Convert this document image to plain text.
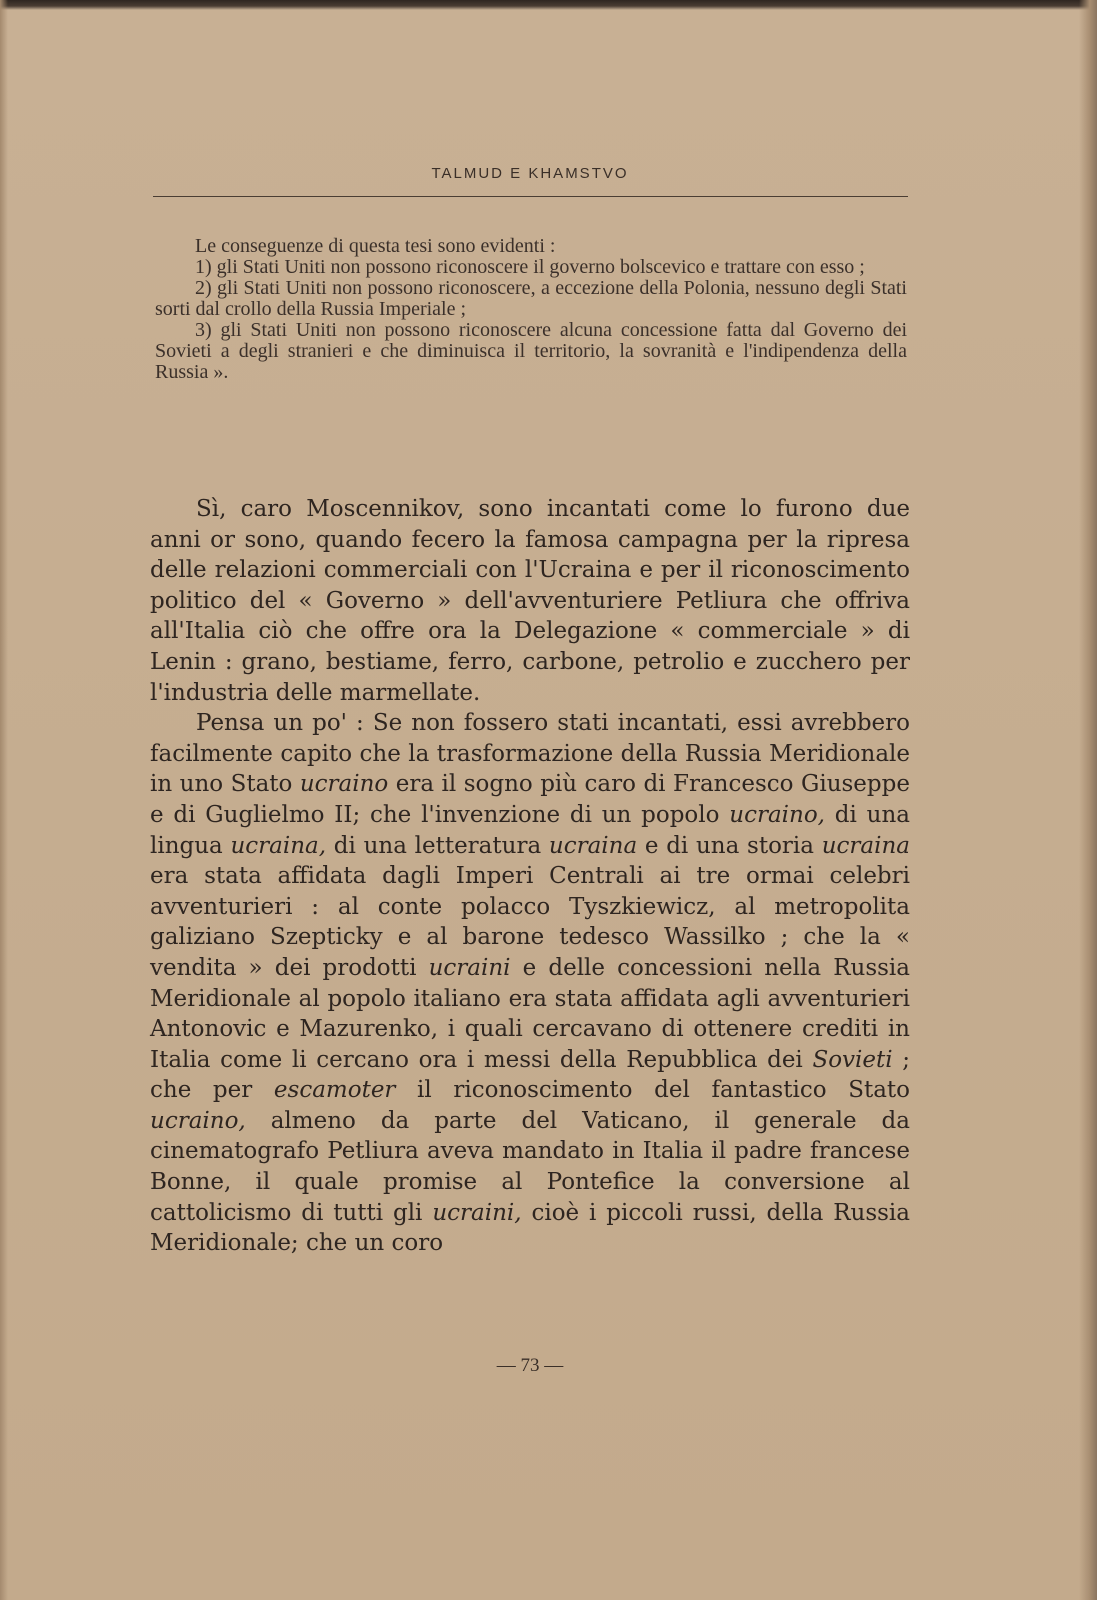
TALMUD E KHAMSTVO

Le conseguenze di questa tesi sono evidenti :

1) gli Stati Uniti non possono riconoscere il governo bolscevico e trattare con esso ;

2) gli Stati Uniti non possono riconoscere, a eccezione della Polonia, nessuno degli Stati sorti dal crollo della Russia Imperiale ;

3) gli Stati Uniti non possono riconoscere alcuna concessione fatta dal Governo dei Sovieti a degli stranieri e che diminuisca il territorio, la sovranità e l'indipendenza della Russia ».

Sì, caro Moscennikov, sono incantati come lo furono due anni or sono, quando fecero la famosa campagna per la ripresa delle relazioni commerciali con l'Ucraina e per il riconoscimento politico del « Governo » dell'avventuriere Petliura che offriva all'Italia ciò che offre ora la Delegazione « commerciale » di Lenin : grano, bestiame, ferro, carbone, petrolio e zucchero per l'industria delle marmellate.

Pensa un po' : Se non fossero stati incantati, essi avrebbero facilmente capito che la trasformazione della Russia Meridionale in uno Stato ucraino era il sogno più caro di Francesco Giuseppe e di Guglielmo II; che l'invenzione di un popolo ucraino, di una lingua ucraina, di una letteratura ucraina e di una storia ucraina era stata affidata dagli Imperi Centrali ai tre ormai celebri avventurieri : al conte polacco Tyszkiewicz, al metropolita galiziano Szepticky e al barone tedesco Wassilko ; che la « vendita » dei prodotti ucraini e delle concessioni nella Russia Meridionale al popolo italiano era stata affidata agli avventurieri Antonovic e Mazurenko, i quali cercavano di ottenere crediti in Italia come li cercano ora i messi della Repubblica dei Sovieti ; che per escamoter il riconoscimento del fantastico Stato ucraino, almeno da parte del Vaticano, il generale da cinematografo Petliura aveva mandato in Italia il padre francese Bonne, il quale promise al Pontefice la conversione al cattolicismo di tutti gli ucraini, cioè i piccoli russi, della Russia Meridionale; che un coro

— 73 —
